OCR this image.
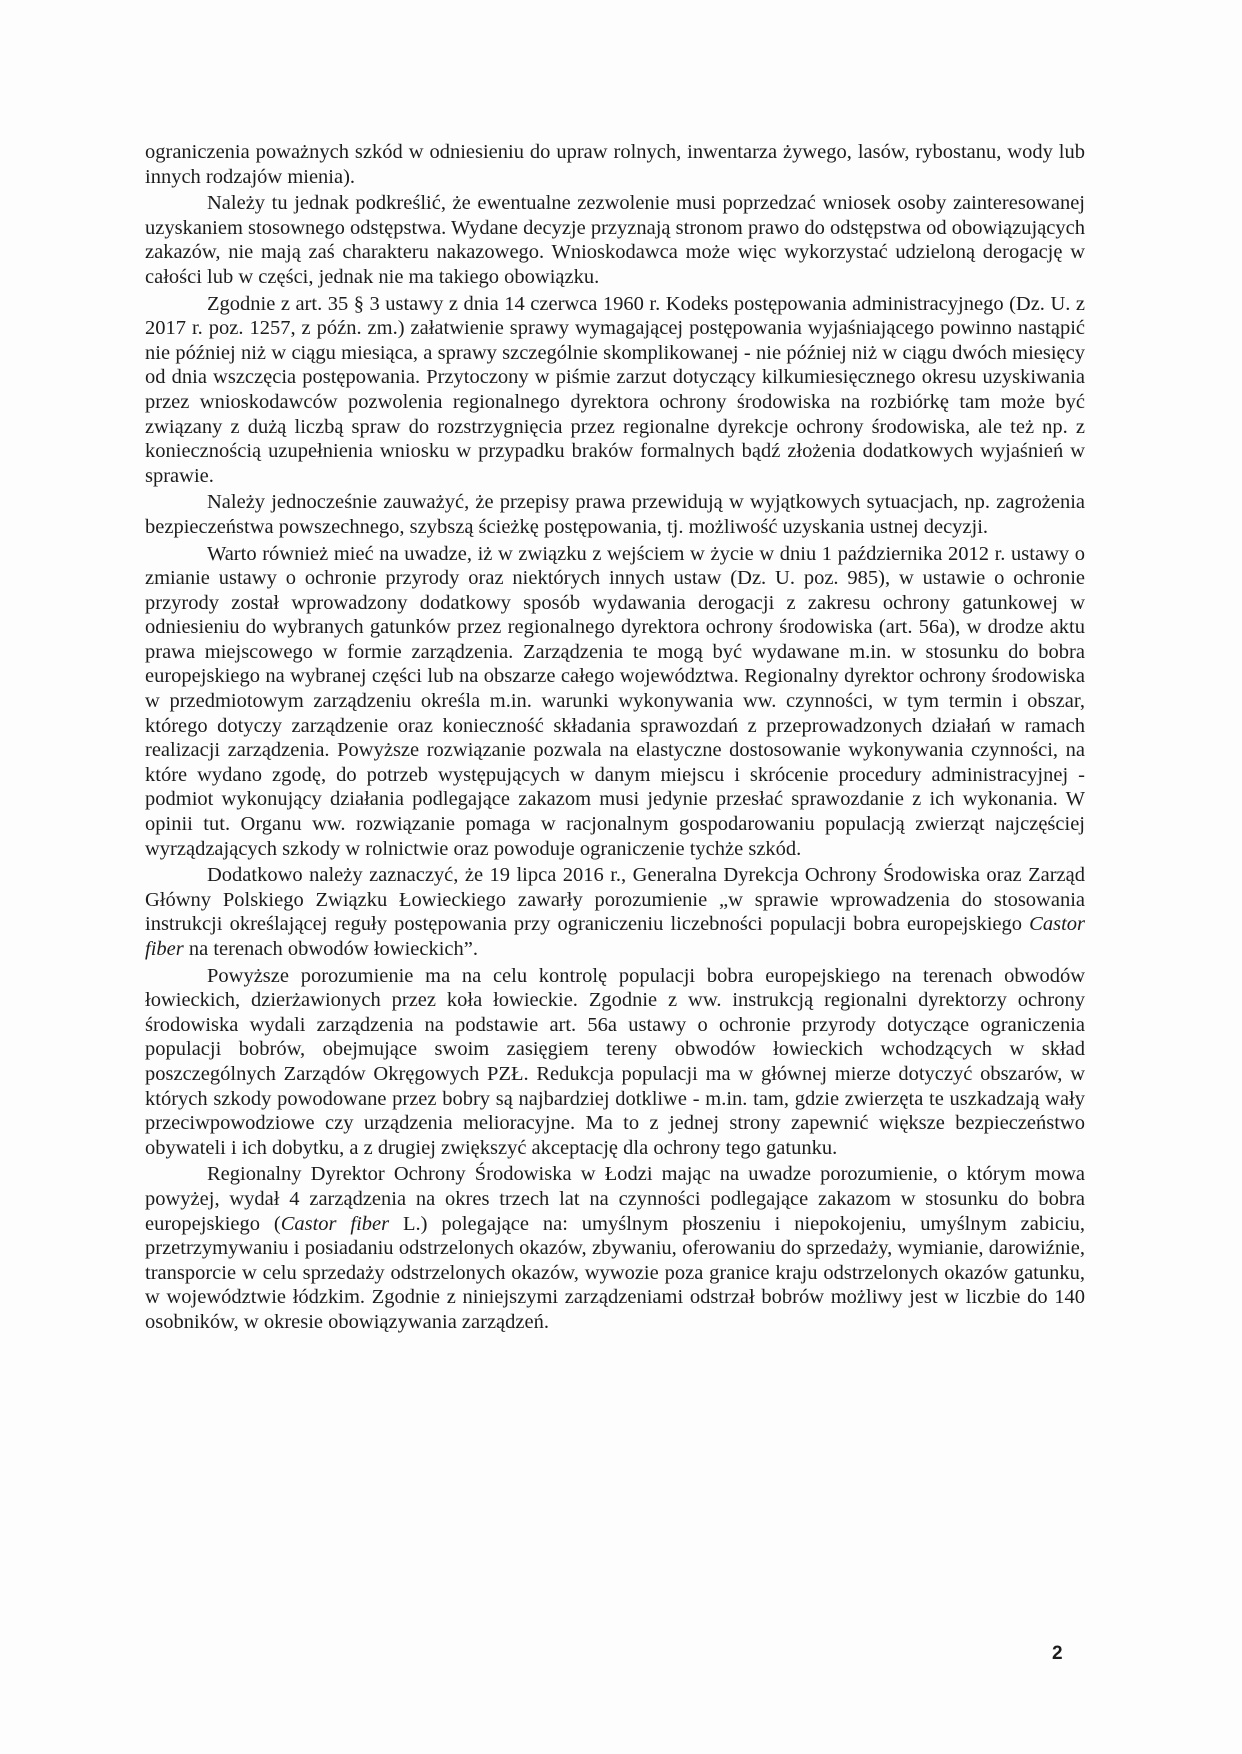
ograniczenia poważnych szkód w odniesieniu do upraw rolnych, inwentarza żywego, lasów, rybostanu, wody lub innych rodzajów mienia).

Należy tu jednak podkreślić, że ewentualne zezwolenie musi poprzedzać wniosek osoby zainteresowanej uzyskaniem stosownego odstępstwa. Wydane decyzje przyznają stronom prawo do odstępstwa od obowiązujących zakazów, nie mają zaś charakteru nakazowego. Wnioskodawca może więc wykorzystać udzieloną derogację w całości lub w części, jednak nie ma takiego obowiązku.

Zgodnie z art. 35 § 3 ustawy z dnia 14 czerwca 1960 r. Kodeks postępowania administracyjnego (Dz. U. z 2017 r. poz. 1257, z późn. zm.) załatwienie sprawy wymagającej postępowania wyjaśniającego powinno nastąpić nie później niż w ciągu miesiąca, a sprawy szczególnie skomplikowanej - nie później niż w ciągu dwóch miesięcy od dnia wszczęcia postępowania. Przytoczony w piśmie zarzut dotyczący kilkumiesięcznego okresu uzyskiwania przez wnioskodawców pozwolenia regionalnego dyrektora ochrony środowiska na rozbiórkę tam może być związany z dużą liczbą spraw do rozstrzygnięcia przez regionalne dyrekcje ochrony środowiska, ale też np. z koniecznością uzupełnienia wniosku w przypadku braków formalnych bądź złożenia dodatkowych wyjaśnień w sprawie.

Należy jednocześnie zauważyć, że przepisy prawa przewidują w wyjątkowych sytuacjach, np. zagrożenia bezpieczeństwa powszechnego, szybszą ścieżkę postępowania, tj. możliwość uzyskania ustnej decyzji.

Warto również mieć na uwadze, iż w związku z wejściem w życie w dniu 1 października 2012 r. ustawy o zmianie ustawy o ochronie przyrody oraz niektórych innych ustaw (Dz. U. poz. 985), w ustawie o ochronie przyrody został wprowadzony dodatkowy sposób wydawania derogacji z zakresu ochrony gatunkowej w odniesieniu do wybranych gatunków przez regionalnego dyrektora ochrony środowiska (art. 56a), w drodze aktu prawa miejscowego w formie zarządzenia. Zarządzenia te mogą być wydawane m.in. w stosunku do bobra europejskiego na wybranej części lub na obszarze całego województwa. Regionalny dyrektor ochrony środowiska w przedmiotowym zarządzeniu określa m.in. warunki wykonywania ww. czynności, w tym termin i obszar, którego dotyczy zarządzenie oraz konieczność składania sprawozdań z przeprowadzonych działań w ramach realizacji zarządzenia. Powyższe rozwiązanie pozwala na elastyczne dostosowanie wykonywania czynności, na które wydano zgodę, do potrzeb występujących w danym miejscu i skrócenie procedury administracyjnej - podmiot wykonujący działania podlegające zakazom musi jedynie przesłać sprawozdanie z ich wykonania. W opinii tut. Organu ww. rozwiązanie pomaga w racjonalnym gospodarowaniu populacją zwierząt najczęściej wyrządzających szkody w rolnictwie oraz powoduje ograniczenie tychże szkód.

Dodatkowo należy zaznaczyć, że 19 lipca 2016 r., Generalna Dyrekcja Ochrony Środowiska oraz Zarząd Główny Polskiego Związku Łowieckiego zawarły porozumienie „w sprawie wprowadzenia do stosowania instrukcji określającej reguły postępowania przy ograniczeniu liczebności populacji bobra europejskiego Castor fiber na terenach obwodów łowieckich”.

Powyższe porozumienie ma na celu kontrolę populacji bobra europejskiego na terenach obwodów łowieckich, dzierżawionych przez koła łowieckie. Zgodnie z ww. instrukcją regionalni dyrektorzy ochrony środowiska wydali zarządzenia na podstawie art. 56a ustawy o ochronie przyrody dotyczące ograniczenia populacji bobrów, obejmujące swoim zasięgiem tereny obwodów łowieckich wchodzących w skład poszczególnych Zarządów Okręgowych PZŁ. Redukcja populacji ma w głównej mierze dotyczyć obszarów, w których szkody powodowane przez bobry są najbardziej dotkliwe - m.in. tam, gdzie zwierzęta te uszkadzają wały przeciwpowodziowe czy urządzenia melioracyjne. Ma to z jednej strony zapewnić większe bezpieczeństwo obywateli i ich dobytku, a z drugiej zwiększyć akceptację dla ochrony tego gatunku.

Regionalny Dyrektor Ochrony Środowiska w Łodzi mając na uwadze porozumienie, o którym mowa powyżej, wydał 4 zarządzenia na okres trzech lat na czynności podlegające zakazom w stosunku do bobra europejskiego (Castor fiber L.) polegające na: umyślnym płoszeniu i niepokojeniu, umyślnym zabiciu, przetrzymywaniu i posiadaniu odstrzelonych okazów, zbywaniu, oferowaniu do sprzedaży, wymianie, darowiźnie, transporcie w celu sprzedaży odstrzelonych okazów, wywozie poza granice kraju odstrzelonych okazów gatunku, w województwie łódzkim. Zgodnie z niniejszymi zarządzeniami odstrzał bobrów możliwy jest w liczbie do 140 osobników, w okresie obowiązywania zarządzeń.

2
